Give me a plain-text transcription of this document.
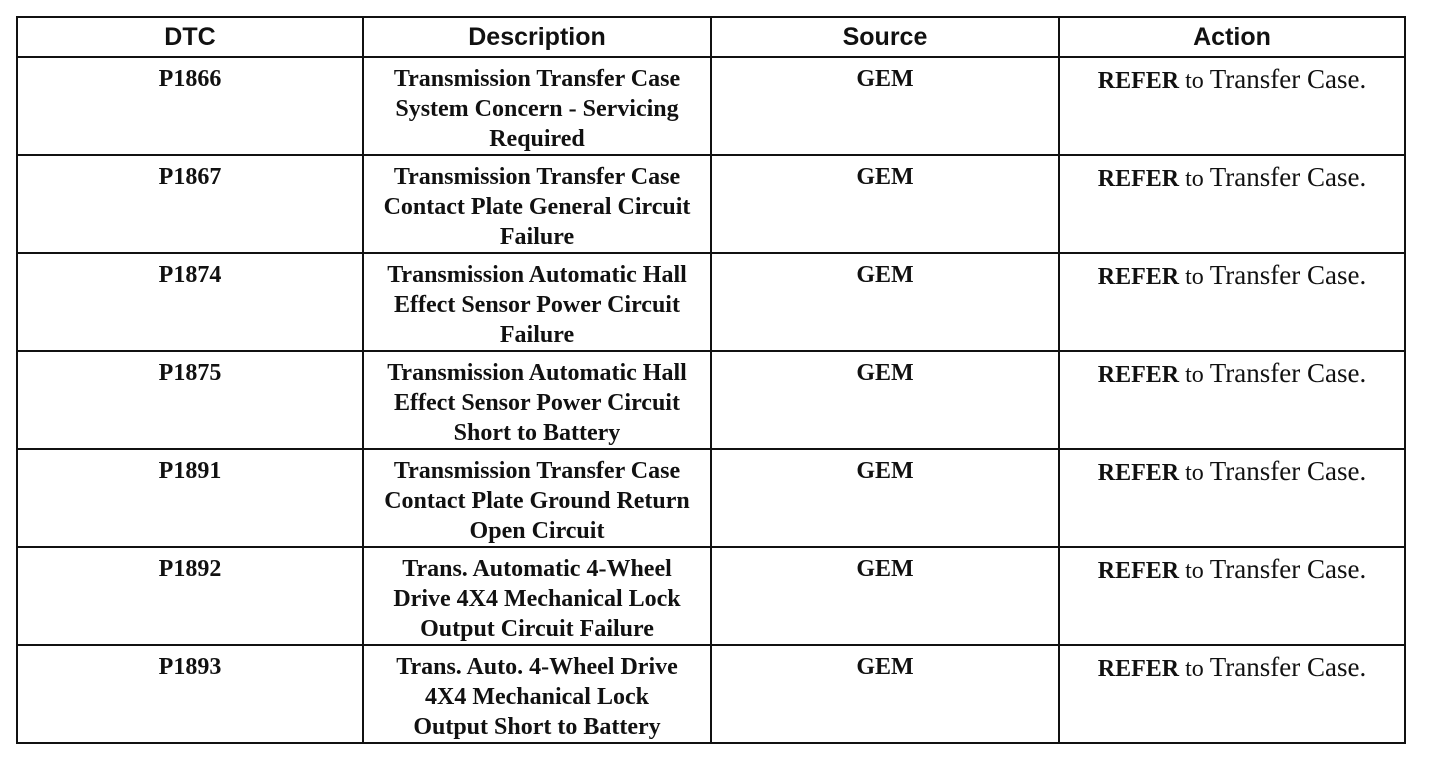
DTC	Description	Source	Action
P1866	Transmission Transfer Case
System Concern - Servicing
Required	GEM	REFER to Transfer Case.
P1867	Transmission Transfer Case
Contact Plate General Circuit
Failure	GEM	REFER to Transfer Case.
P1874	Transmission Automatic Hall
Effect Sensor Power Circuit
Failure	GEM	REFER to Transfer Case.
P1875	Transmission Automatic Hall
Effect Sensor Power Circuit
Short to Battery	GEM	REFER to Transfer Case.
P1891	Transmission Transfer Case
Contact Plate Ground Return
Open Circuit	GEM	REFER to Transfer Case.
P1892	Trans. Automatic 4-Wheel
Drive 4X4 Mechanical Lock
Output Circuit Failure	GEM	REFER to Transfer Case.
P1893	Trans. Auto. 4-Wheel Drive
4X4 Mechanical Lock
Output Short to Battery	GEM	REFER to Transfer Case.
